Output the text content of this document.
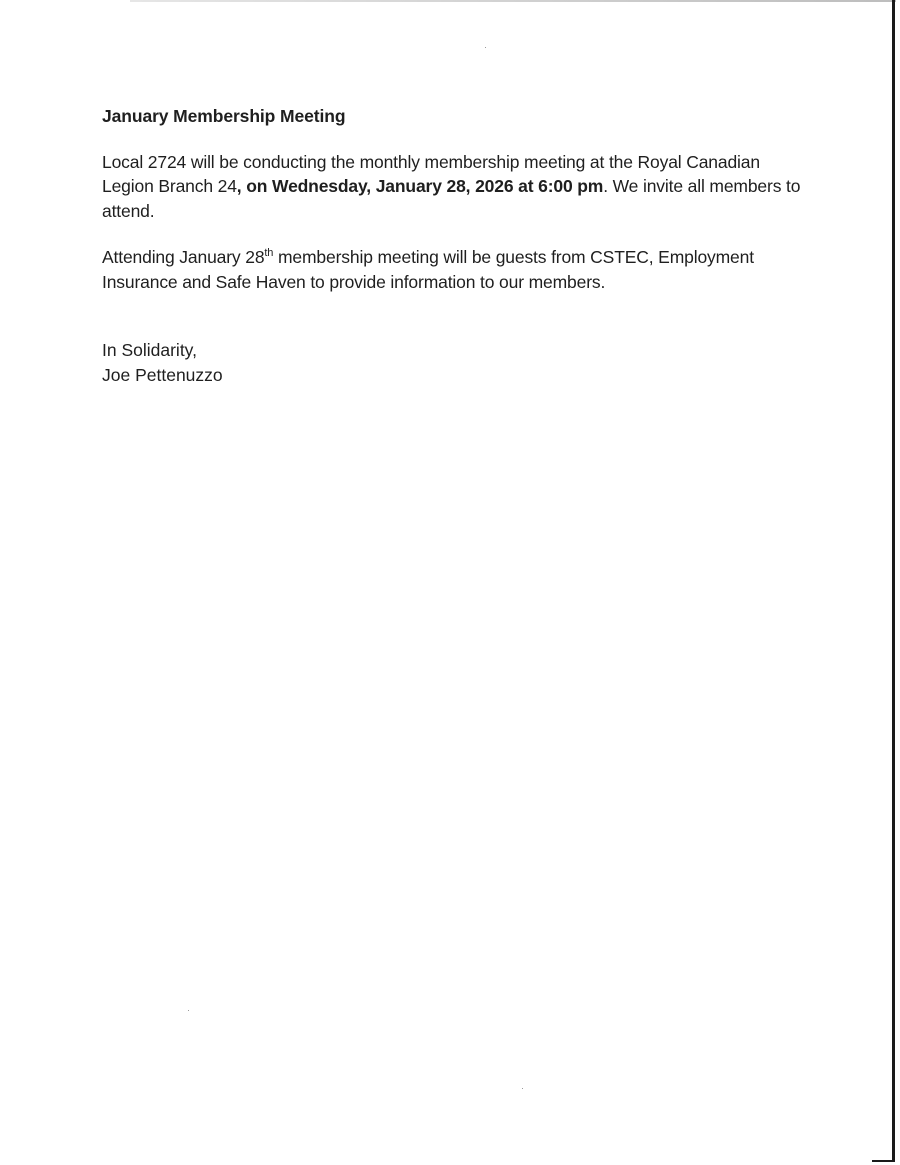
January Membership Meeting

Local 2724 will be conducting the monthly membership meeting at the Royal Canadian Legion Branch 24, on Wednesday, January 28, 2026 at 6:00 pm. We invite all members to attend.

Attending January 28th membership meeting will be guests from CSTEC, Employment Insurance and Safe Haven to provide information to our members.

In Solidarity,
Joe Pettenuzzo
